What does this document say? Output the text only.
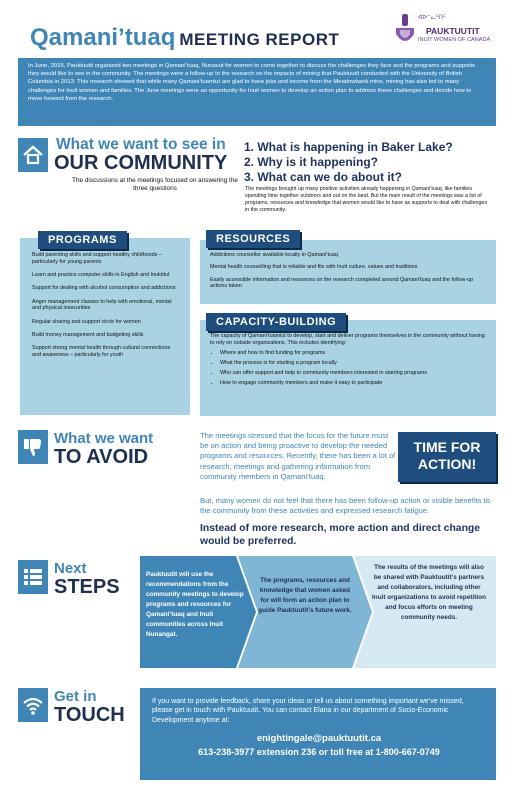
Qamani’tuaq MEETING REPORT
ᐊᐅᓪᓚᑦᑎᑦ
PAUKTUUTIT
INUIT WOMEN OF CANADA
In June, 2015, Pauktuutit organized two meetings in Qamani’tuaq, Nunavut for women to come together to discuss the challenges they face and the programs and supports they would like to see in the community. The meetings were a follow-up to the research on the impacts of mining that Pauktuutit conducted with the University of British Columbia in 2013. This research showed that while many Qamani’tuamiut are glad to have jobs and income from the Meadowbank mine, mining has also led to many challenges for Inuit women and families. The June meetings were an opportunity for Inuit women to develop an action plan to address these challenges and decide how to move forward from the research.
What we want to see in
OUR COMMUNITY
The discussions at the meetings focused on answering the three questions
1. What is happening in Baker Lake?
2. Why is it happening?
3. What can we do about it?
The meetings brought up many positive activities already happening in Qamani’tuaq, like families spending time together outdoors and out on the land. But the main result of the meetings was a list of programs, resources and knowledge that women would like to have as supports to deal with challenges in the community.
Build parenting skills and support healthy childhoods – particularly for young parents
Learn and practice computer skills in English and Inuktitut
Support for dealing with alcohol consumption and addictions
Anger management classes to help with emotional, mental and physical insecurities
Regular sharing and support circle for women
Build money management and budgeting skills
Support strong mental health through cultural connections and awareness – particularly for youth
PROGRAMS
Addictions counsellor available locally in Qamani’tuaq
Mental health counselling that is reliable and fits with Inuit culture, values and traditions
Easily accessible information and resources on the research completed around Qamani’tuaq and the follow-up actions taken
RESOURCES
The capacity of Qamani’tuamiut to develop, start and deliver programs themselves in the community without having to rely on outside organizations. This includes identifying:
• Where and how to find funding for programs
• What the process is for starting a program locally
• Who can offer support and help to community members interested in starting programs
• How to engage community members and make it easy to participate
CAPACITY-BUILDING
What we want
TO AVOID
The meetings stressed that the focus for the future must be on action and being proactive to develop the needed programs and resources. Recently, there has been a lot of research, meetings and gathering information from community members in Qamani’tuaq.
But, many women do not feel that there has been follow-up action or visible benefits to the community from these activities and expressed research fatigue.
Instead of more research, more action and direct change would be preferred.
TIME FOR
ACTION!
Next
STEPS
Pauktuutit will use the recommendations from the community meetings to develop programs and resources for Qamani’tuaq and Inuit communities across Inuit Nunangat.
The programs, resources and knowledge that women asked for will form an action plan to guide Pauktuutit’s future work.
The results of the meetings will also be shared with Pauktuutit’s partners and collaborators, including other Inuit organizations to avoid repetition and focus efforts on meeting community needs.
Get in
TOUCH
If you want to provide feedback, share your ideas or tell us about something important we’ve missed, please get in touch with Pauktuutit. You can contact Elana in our department of Socio-Economic Development anytime at:
enightingale@pauktuutit.ca
613-238-3977 extension 236 or toll free at 1-800-667-0749
